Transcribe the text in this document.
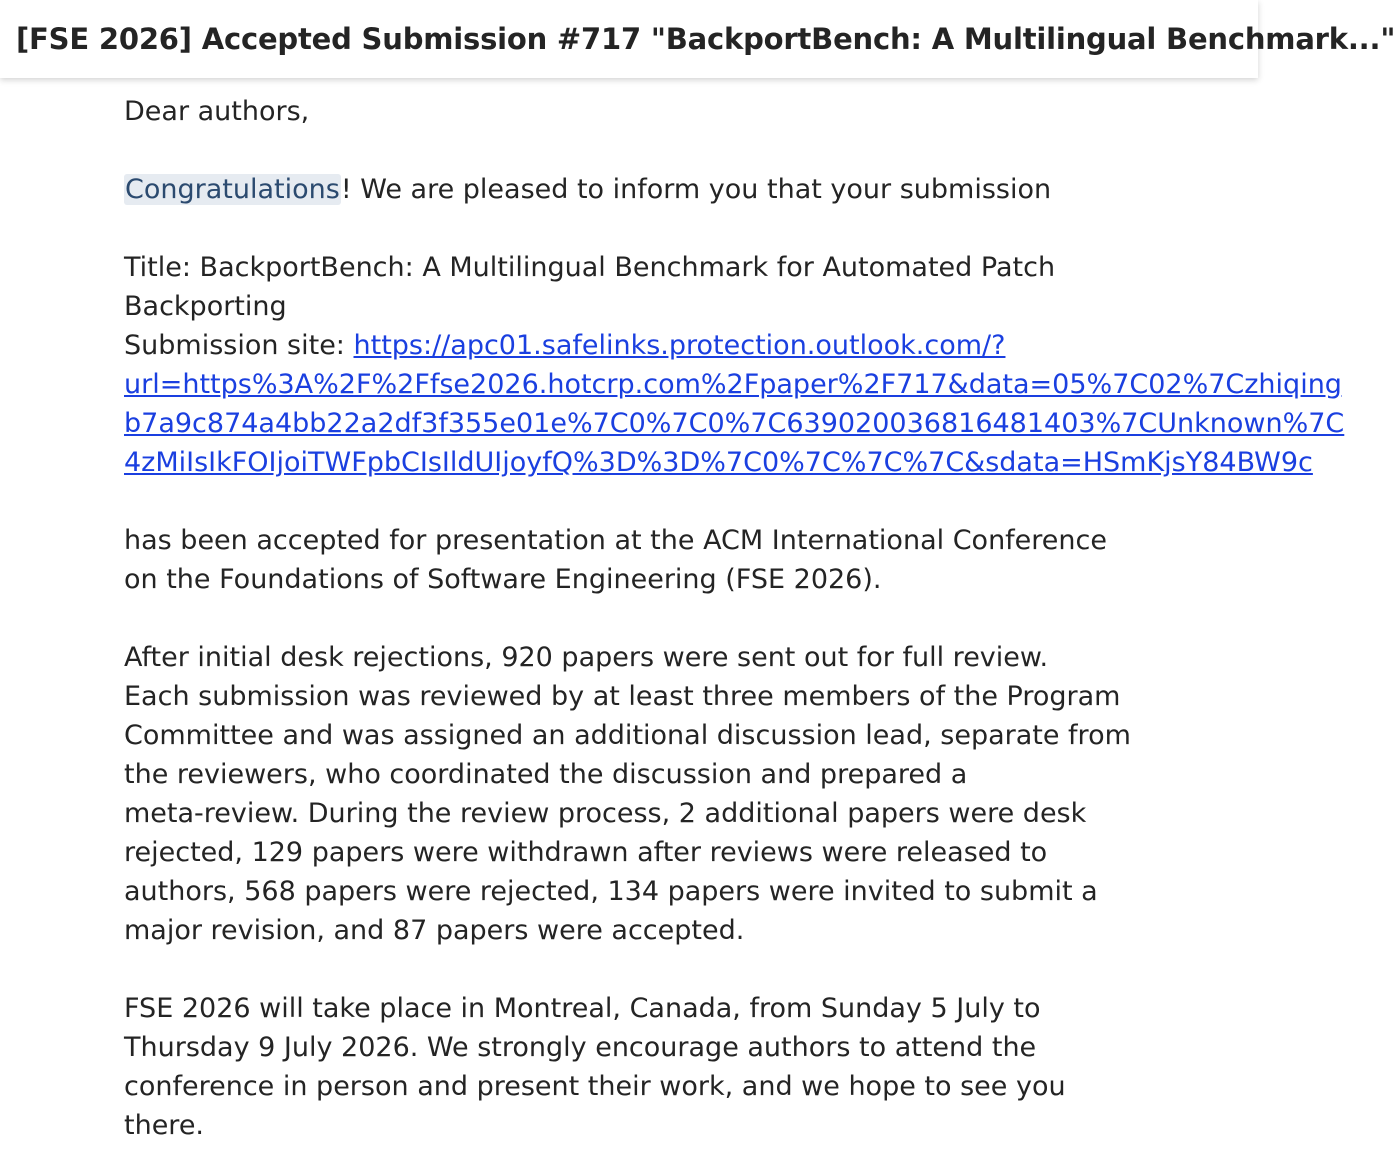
[FSE 2026] Accepted Submission #717 "BackportBench: A Multilingual Benchmark..."

Dear authors,

Congratulations! We are pleased to inform you that your submission

Title: BackportBench: A Multilingual Benchmark for Automated Patch
Backporting
Submission site: https://apc01.safelinks.protection.outlook.com/?
url=https%3A%2F%2Ffse2026.hotcrp.com%2Fpaper%2F717&data=05%7C02%7Czhiqing
b7a9c874a4bb22a2df3f355e01e%7C0%7C0%7C639020036816481403%7CUnknown%7C
4zMiIsIkFOIjoiTWFpbCIsIldUIjoyfQ%3D%3D%7C0%7C%7C%7C&sdata=HSmKjsY84BW9c

has been accepted for presentation at the ACM International Conference
on the Foundations of Software Engineering (FSE 2026).

After initial desk rejections, 920 papers were sent out for full review.
Each submission was reviewed by at least three members of the Program
Committee and was assigned an additional discussion lead, separate from
the reviewers, who coordinated the discussion and prepared a
meta-review. During the review process, 2 additional papers were desk
rejected, 129 papers were withdrawn after reviews were released to
authors, 568 papers were rejected, 134 papers were invited to submit a
major revision, and 87 papers were accepted.

FSE 2026 will take place in Montreal, Canada, from Sunday 5 July to
Thursday 9 July 2026. We strongly encourage authors to attend the
conference in person and present their work, and we hope to see you
there.
